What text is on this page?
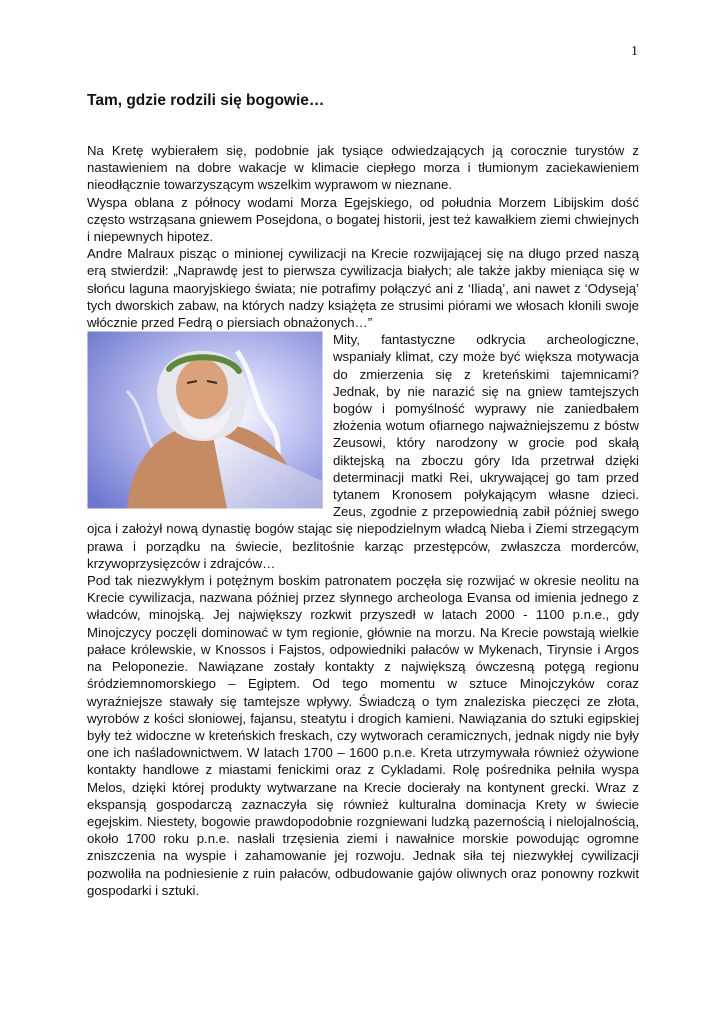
1
Tam, gdzie rodzili się bogowie…

Na Kretę wybierałem się, podobnie jak tysiące odwiedzających ją corocznie turystów z nastawieniem na dobre wakacje w klimacie ciepłego morza i tłumionym zaciekawieniem nieodłącznie towarzyszącym wszelkim wyprawom w nieznane.

Wyspa oblana z północy wodami Morza Egejskiego, od południa Morzem Libijskim dość często wstrząsana gniewem Posejdona, o bogatej historii, jest też kawałkiem ziemi chwiejnych i niepewnych hipotez.

Andre Malraux pisząc o minionej cywilizacji na Krecie rozwijającej się na długo przed naszą erą stwierdził: „Naprawdę jest to pierwsza cywilizacja białych; ale także jakby mieniąca się w słońcu laguna maoryjskiego świata; nie potrafimy połączyć ani z ‘Iliadą’, ani nawet z ‘Odyseją’ tych dworskich zabaw, na których nadzy książęta ze strusimi piórami we włosach kłonili swoje włócznie przed Fedrą o piersiach obnażonych…”

Mity, fantastyczne odkrycia archeologiczne, wspaniały klimat, czy może być większa motywacja do zmierzenia się z kreteńskimi tajemnicami? Jednak, by nie narazić się na gniew tamtejszych bogów i pomyślność wyprawy nie zaniedbałem złożenia wotum ofiarnego najważniejszemu z bóstw Zeusowi, który narodzony w grocie pod skałą diktejską na zboczu góry Ida przetrwał dzięki determinacji matki Rei, ukrywającej go tam przed tytanem Kronosem połykającym własne dzieci. Zeus, zgodnie z przepowiednią zabił później swego ojca i założył nową dynastię bogów stając się niepodzielnym władcą Nieba i Ziemi strzegącym prawa i porządku na świecie, bezlitośnie karząc przestępców, zwłaszcza morderców, krzywoprzysięzców i zdrajców…

Pod tak niezwykłym i potężnym boskim patronatem poczęła się rozwijać w okresie neolitu na Krecie cywilizacja, nazwana później przez słynnego archeologa Evansa od imienia jednego z władców, minojską. Jej największy rozkwit przyszedł w latach 2000 - 1100 p.n.e., gdy Minojczycy poczęli dominować w tym regionie, głównie na morzu. Na Krecie powstają wielkie pałace królewskie, w Knossos i Fajstos, odpowiedniki pałaców w Mykenach, Tirynsie i Argos na Peloponezie. Nawiązane zostały kontakty z największą ówczesną potęgą regionu śródziemnomorskiego – Egiptem. Od tego momentu w sztuce Minojczyków coraz wyraźniejsze stawały się tamtejsze wpływy. Świadczą o tym znaleziska pieczęci ze złota, wyrobów z kości słoniowej, fajansu, steatytu i drogich kamieni. Nawiązania do sztuki egipskiej były też widoczne w kreteńskich freskach, czy wytworach ceramicznych, jednak nigdy nie były one ich naśladownictwem. W latach 1700 – 1600 p.n.e. Kreta utrzymywała również ożywione kontakty handlowe z miastami fenickimi oraz z Cykladami. Rolę pośrednika pełniła wyspa Melos, dzięki której produkty wytwarzane na Krecie docierały na kontynent grecki. Wraz z ekspansją gospodarczą zaznaczyła się również kulturalna dominacja Krety w świecie egejskim. Niestety, bogowie prawdopodobnie rozgniewani ludzką pazernością i nielojalnością, około 1700 roku p.n.e. nasłali trzęsienia ziemi i nawałnice morskie powodując ogromne zniszczenia na wyspie i zahamowanie jej rozwoju. Jednak siła tej niezwykłej cywilizacji pozwoliła na podniesienie z ruin pałaców, odbudowanie gajów oliwnych oraz ponowny rozkwit gospodarki i sztuki.
